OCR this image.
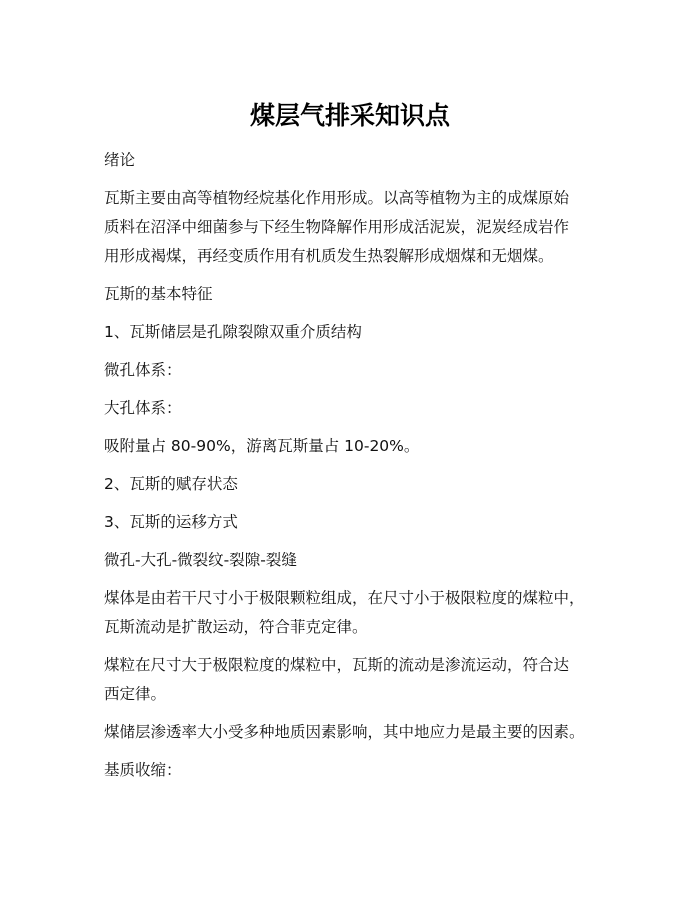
煤层气排采知识点

绪论

瓦斯主要由高等植物经烷基化作用形成。以高等植物为主的成煤原始
质料在沼泽中细菌参与下经生物降解作用形成活泥炭，泥炭经成岩作
用形成褐煤，再经变质作用有机质发生热裂解形成烟煤和无烟煤。

瓦斯的基本特征

1、瓦斯储层是孔隙裂隙双重介质结构

微孔体系：

大孔体系：

吸附量占 80-90%，游离瓦斯量占 10-20%。

2、瓦斯的赋存状态

3、瓦斯的运移方式

微孔-大孔-微裂纹-裂隙-裂缝

煤体是由若干尺寸小于极限颗粒组成，在尺寸小于极限粒度的煤粒中，
瓦斯流动是扩散运动，符合菲克定律。

煤粒在尺寸大于极限粒度的煤粒中，瓦斯的流动是渗流运动，符合达
西定律。

煤储层渗透率大小受多种地质因素影响，其中地应力是最主要的因素。

基质收缩：
